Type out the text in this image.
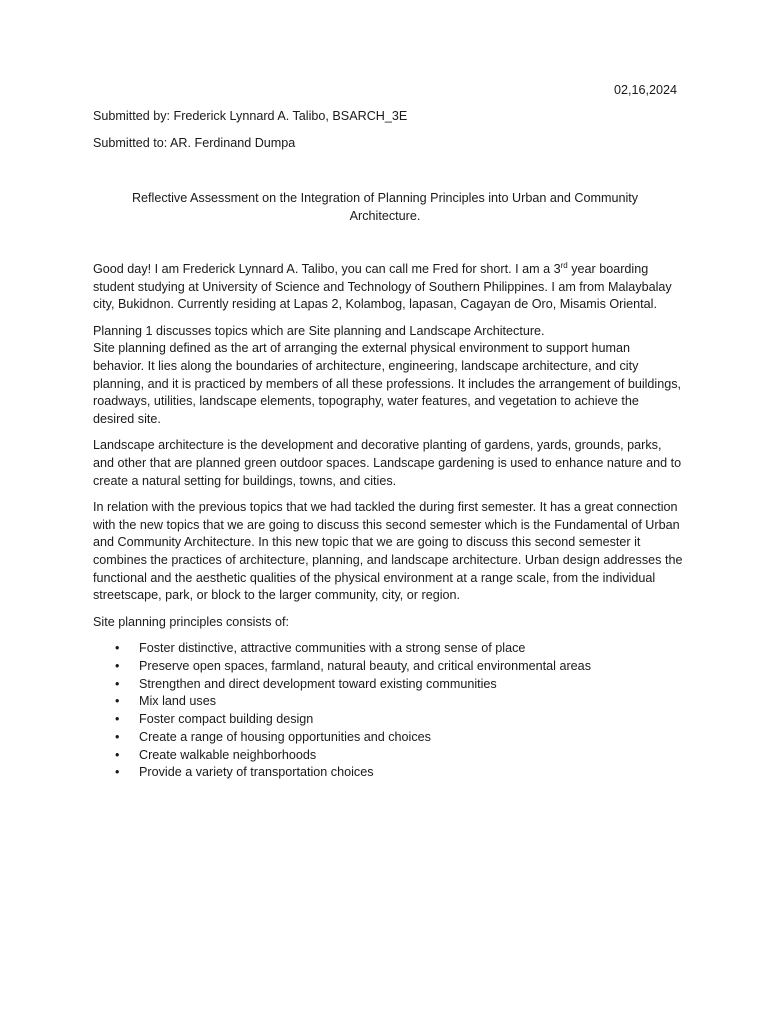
02,16,2024
Submitted by: Frederick Lynnard A. Talibo, BSARCH_3E
Submitted to: AR. Ferdinand Dumpa
Reflective Assessment on the Integration of Planning Principles into Urban and Community Architecture.

Good day! I am Frederick Lynnard A. Talibo, you can call me Fred for short. I am a 3rd year boarding student studying at University of Science and Technology of Southern Philippines. I am from Malaybalay city, Bukidnon. Currently residing at Lapas 2, Kolambog, lapasan, Cagayan de Oro, Misamis Oriental.

Planning 1 discusses topics which are Site planning and Landscape Architecture.
Site planning defined as the art of arranging the external physical environment to support human behavior. It lies along the boundaries of architecture, engineering, landscape architecture, and city planning, and it is practiced by members of all these professions. It includes the arrangement of buildings, roadways, utilities, landscape elements, topography, water features, and vegetation to achieve the desired site.

Landscape architecture is the development and decorative planting of gardens, yards, grounds, parks, and other that are planned green outdoor spaces. Landscape gardening is used to enhance nature and to create a natural setting for buildings, towns, and cities.

In relation with the previous topics that we had tackled the during first semester. It has a great connection with the new topics that we are going to discuss this second semester which is the Fundamental of Urban and Community Architecture. In this new topic that we are going to discuss this second semester it combines the practices of architecture, planning, and landscape architecture. Urban design addresses the functional and the aesthetic qualities of the physical environment at a range scale, from the individual streetscape, park, or block to the larger community, city, or region.

Site planning principles consists of:

• Foster distinctive, attractive communities with a strong sense of place
• Preserve open spaces, farmland, natural beauty, and critical environmental areas
• Strengthen and direct development toward existing communities
• Mix land uses
• Foster compact building design
• Create a range of housing opportunities and choices
• Create walkable neighborhoods
• Provide a variety of transportation choices
